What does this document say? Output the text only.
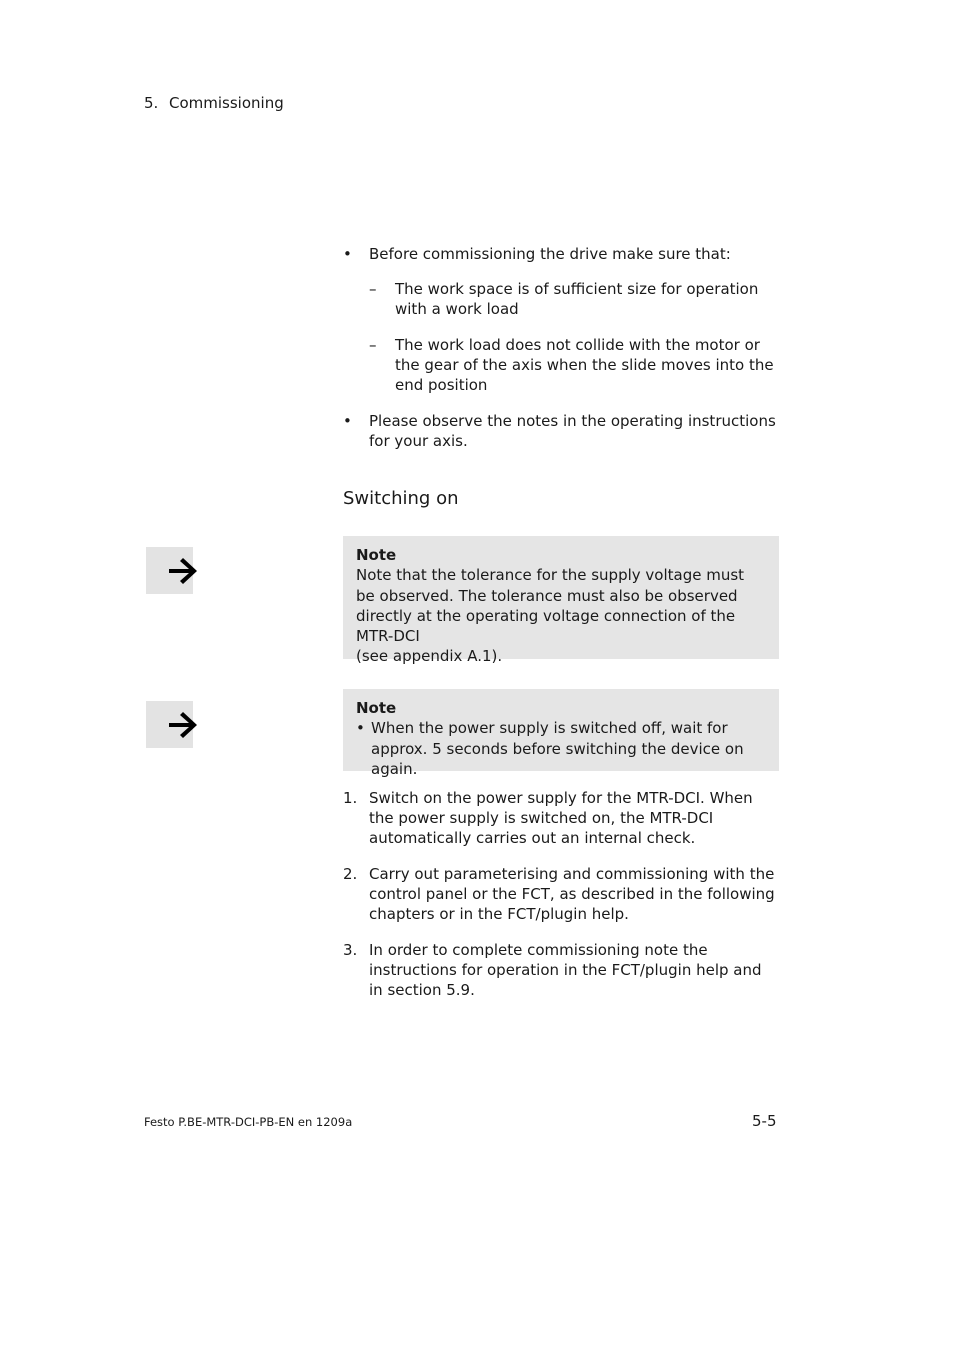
5. Commissioning
•	Before commissioning the drive make sure that:
–	The work space is of sufficient size for operation with a work load
–	The work load does not collide with the motor or the gear of the axis when the slide moves into the end position
•	Please observe the notes in the operating instructions for your axis.
Switching on
Note
Note that the tolerance for the supply voltage must be observed. The tolerance must also be observed directly at the operating voltage connection of the MTR-DCI
(see appendix A.1).
Note
• When the power supply is switched off, wait for approx. 5 seconds before switching the device on again.
1. Switch on the power supply for the MTR-DCI. When the power supply is switched on, the MTR-DCI automatically carries out an internal check.
2. Carry out parameterising and commissioning with the control panel or the FCT, as described in the following chapters or in the FCT/plugin help.
3. In order to complete commissioning note the instructions for operation in the FCT/plugin help and in section 5.9.
Festo P.BE-MTR-DCI-PB-EN en 1209a	5-5
